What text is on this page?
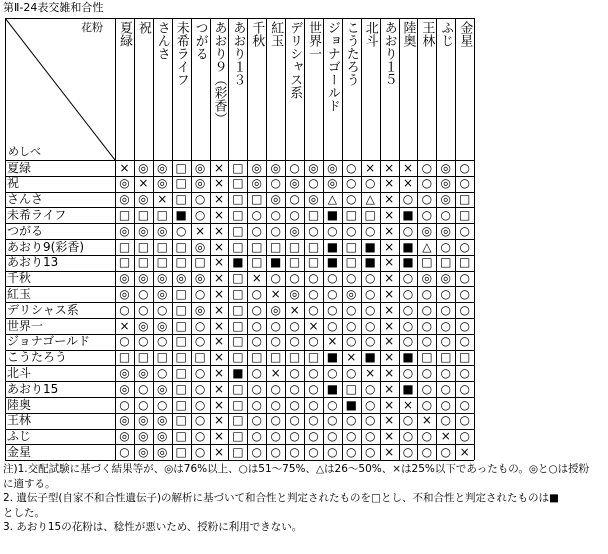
第Ⅱ-24表交雑和合性
花粉
めしべ
夏緑 祝 さんさ 未希ライフ つがる あおり９（彩香） あおり１３ 千秋 紅玉 デリシャス系 世界一 ジョナゴールド こうたろう 北斗 あおり１５ 陸奥 王林 ふじ 金星
夏緑	× ◎ ◎ □ ◎ × □ ◎ ◎ ○ ◎ ◎ ○ × × × ○ ◎ ○
祝	◎ × ◎ □ ◎ × □ ◎ ○ ◎ ○ ◎ ○ ○ × × ○ ◎ ○
さんさ	◎ ◎ × □ ○ × □ □ ◎ ○ ◎ △ ○ △ × ○ ○ ◎ □
未希ライフ	□ □ □ ■ ○ × □ ○ ○ ○ □ ■ □ □ × ■ ○ ○ □
つがる	◎ ◎ ◎ ○ × × □ ○ ○ ◎ ○ ○ ○ ○ × ○ ◎ ◎ ○
あおり9(彩香)	□ □ □ □ ◎ × □ □ □ □ □ ■ □ ■ × ■ △ ○ ○
あおり13	□ □ □ □ □ × ■ □ ■ □ □ ■ □ ■ × ■ □ □ □
千秋	◎ ◎ ◎ ◎ ◎ × □ × ○ ○ ○ ○ ○ ○ × ○ ◎ ◎ ○
紅玉	◎ ○ ◎ □ ○ × □ ○ × ◎ ○ ○ ◎ ○ × ○ ○ ○ ○
デリシャス系	○ ○ ○ □ ◎ × □ ○ ◎ × ○ ○ ○ ○ × ○ ○ ○ ○
世界一	× ◎ ◎ □ ○ × □ ○ ○ ○ × ○ ○ ○ × ○ ○ ○ ○
ジョナゴールド	○ ○ ○ □ ○ × □ ○ ○ ○ ○ × ○ ○ × ○ ○ ○ ○
こうたろう	□ □ □ □ □ × □ □ □ □ □ ■ × ■ × ■ □ □ □
北斗	◎ ◎ ○ □ ○ × ■ ○ × ○ ○ ○ ○ × × ○ ○ ○ ○
あおり15	◎ ○ ◎ □ ○ × □ ○ ○ ○ ○ ■ □ ○ × ■ ○ ○ ○
陸奥	○ ○ ○ □ ○ × □ ○ ○ ○ ○ ○ ■ ○ × × ○ ○ ○
王林	◎ ◎ ◎ □ ○ × □ ○ ○ ○ ○ ○ ○ ○ × ○ × ○ ○
ふじ	◎ ◎ ◎ □ ○ × □ ○ ○ ○ ○ ○ ○ ○ × ○ ○ × ○
金星	○ ◎ ◎ □ ○ × □ ○ ○ ○ ○ ○ ○ ○ × ○ ○ ○ ×
注)1.交配試験に基づく結果等が、◎は76%以上、○は51～75%、△は26～50%、×は25%以下であったもの。◎と○は授粉
に適する。
2. 遺伝子型(自家不和合性遺伝子)の解析に基づいて和合性と判定されたものを□とし、不和合性と判定されたものは■
とした。
3. あおり15の花粉は、稔性が悪いため、授粉に利用できない。
